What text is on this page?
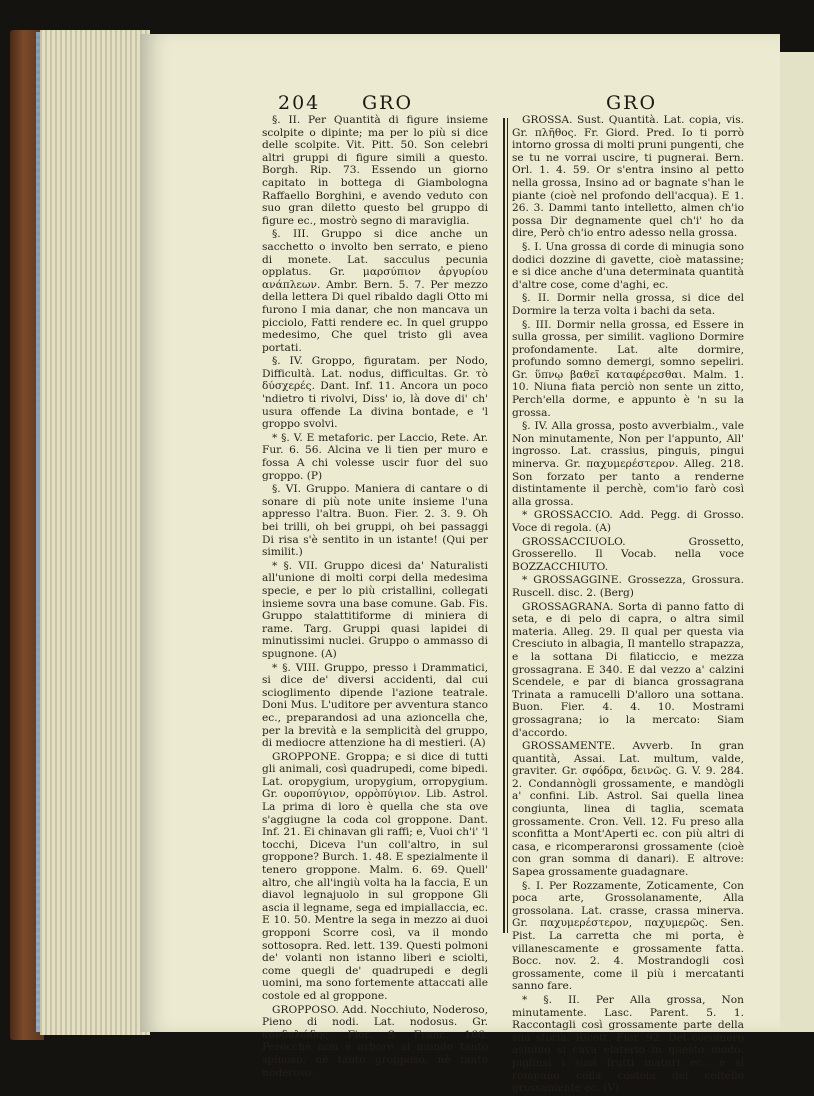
204 GRO	GRO

§. II. Per Quantità di figure insieme scolpite o dipinte; ma per lo più si dice delle scolpite. Vit. Pitt. 50. Son celebri altri gruppi di figure simili a questo. Borgh. Rip. 73. Essendo un giorno capitato in bottega di Giambologna Raffaello Borghini, e avendo veduto con suo gran diletto questo bel gruppo di figure ec., mostrò segno di maraviglia.

§. III. Gruppo si dice anche un sacchetto o involto ben serrato, e pieno di monete. Lat. sacculus pecunia opplatus. Gr. μαρσύπιον ἀργυρίου ανάπλεων. Ambr. Bern. 5. 7. Per mezzo della lettera Di quel ribaldo dagli Otto mi furono I mia danar, che non mancava un picciolo, Fatti rendere ec. In quel gruppo medesimo, Che quel tristo gli avea portati.

§. IV. Groppo, figuratam. per Nodo, Difficultà. Lat. nodus, difficultas. Gr. τὸ δύσχερές. Dant. Inf. 11. Ancora un poco 'ndietro ti rivolvi, Diss' io, là dove di' ch' usura offende La divina bontade, e 'l groppo svolvi.

* §. V. E metaforic. per Laccio, Rete. Ar. Fur. 6. 56. Alcina ve li tien per muro e fossa A chi volesse uscir fuor del suo groppo. (P)

§. VI. Gruppo. Maniera di cantare o di sonare di più note unite insieme l'una appresso l'altra. Buon. Fier. 2. 3. 9. Oh bei trilli, oh bei gruppi, oh bei passaggi Di risa s'è sentito in un istante! (Qui per similit.)

* §. VII. Gruppo dicesi da' Naturalisti all'unione di molti corpi della medesima specie, e per lo più cristallini, collegati insieme sovra una base comune. Gab. Fis. Gruppo stalattitiforme di miniera di rame. Targ. Gruppi quasi lapidei di minutissimi nuclei. Gruppo o ammasso di spugnone. (A)

* §. VIII. Gruppo, presso i Drammatici, si dice de' diversi accidenti, dal cui scioglimento dipende l'azione teatrale. Doni Mus. L'uditore per avventura stanco ec., preparandosi ad una azioncella che, per la brevità e la semplicità del gruppo, di mediocre attenzione ha di mestieri. (A)

GROPPONE. Groppa; e si dice di tutti gli animali, così quadrupedi, come bipedi. Lat. oropygium, uropygium, orropygium. Gr. ουροπύγιον, ορρὸπύγιον. Lib. Astrol. La prima di loro è quella che sta ove s'aggiugne la coda col groppone. Dant. Inf. 21. Ei chinavan gli raffi; e, Vuoi ch'i' 'l tocchi, Diceva l'un coll'altro, in sul groppone? Burch. 1. 48. E spezialmente il tenero groppone. Malm. 6. 69. Quell' altro, che all'ingiù volta ha la faccia, E un diavol legnajuolo in sul groppone Gli ascia il legname, sega ed impiallaccia, ec. E 10. 50. Mentre la sega in mezzo ai duoi gropponi Scorre così, va il mondo sottosopra. Red. lett. 139. Questi polmoni de' volanti non istanno liberi e sciolti, come quegli de' quadrupedi e degli uomini, ma sono fortemente attaccati alle costole ed al groppone.

GROPPOSO. Add. Nocchiuto, Noderoso, Pieno di nodi. Lat. nodosus. Gr. κονδυλώδης. Fior. S. Franc. 166. Perocchè non è arbore al mondo tanto spinoso, nè tanto gropposo, nè tanto noderoso.

GROSSA. Sust. Quantità. Lat. copia, vis. Gr. πλῆθος. Fr. Giord. Pred. Io ti porrò intorno grossa di molti pruni pungenti, che se tu ne vorrai uscire, ti pugnerai. Bern. Orl. 1. 4. 59. Or s'entra insino al petto nella grossa, Insino ad or bagnate s'han le piante (cioè nel profondo dell'acqua). E 1. 26. 3. Dammi tanto intelletto, almen ch'io possa Dir degnamente quel ch'i' ho da dire, Però ch'io entro adesso nella grossa.

§. I. Una grossa di corde di minugia sono dodici dozzine di gavette, cioè matassine; e si dice anche d'una determinata quantità d'altre cose, come d'aghi, ec.

§. II. Dormir nella grossa, si dice del Dormire la terza volta i bachi da seta.

§. III. Dormir nella grossa, ed Essere in sulla grossa, per similit. vagliono Dormire profondamente. Lat. alte dormire, profundo somno demergi, somno sepeliri. Gr. ὕπνῳ βαθεῖ καταφέρεσθαι. Malm. 1. 10. Niuna fiata perciò non sente un zitto, Perch'ella dorme, e appunto è 'n su la grossa.

§. IV. Alla grossa, posto avverbialm., vale Non minutamente, Non per l'appunto, All' ingrosso. Lat. crassius, pinguis, pingui minerva. Gr. παχυμερέστερον. Alleg. 218. Son forzato per tanto a renderne distintamente il perchè, com'io farò così alla grossa.

* GROSSACCIO. Add. Pegg. di Grosso. Voce di regola. (A)

GROSSACCIUOLO. Grossetto, Grosserello. Il Vocab. nella voce BOZZACCHIUTO.

* GROSSAGGINE. Grossezza, Grossura. Ruscell. disc. 2. (Berg)

GROSSAGRANA. Sorta di panno fatto di seta, e di pelo di capra, o altra simil materia. Alleg. 29. Il qual per questa via Cresciuto in albagia, Il mantello strapazza, e la sottana Di filaticcio, e mezza grossagrana. E 340. E dal vezzo a' calzini Scendele, e par di bianca grossagrana Trinata a ramucelli D'alloro una sottana. Buon. Fier. 4. 4. 10. Mostrami grossagrana; io la mercato: Siam d'accordo.

GROSSAMENTE. Avverb. In gran quantità, Assai. Lat. multum, valde, graviter. Gr. σφόδρα, δεινῶς. G. V. 9. 284. 2. Condannògli grossamente, e mandògli a' confini. Lib. Astrol. Sai quella linea congiunta, linea di taglia, scemata grossamente. Cron. Vell. 12. Fu preso alla sconfitta a Mont'Aperti ec. con più altri di casa, e ricomperaronsi grossamente (cioè con gran somma di danari). E altrove: Sapea grossamente guadagnare.

§. I. Per Rozzamente, Zoticamente, Con poca arte, Grossolanamente, Alla grossolana. Lat. crasse, crassa minerva. Gr. παχυμερέστερον, παχυμερῶς. Sen. Pist. La carretta che mi porta, è villanescamente e grossamente fatta. Bocc. nov. 2. 4. Mostrandogli così grossamente, come il più i mercatanti sanno fare.

* §. II. Per Alla grossa, Non minutamente. Lasc. Parent. 5. 1. Raccontagli così grossamente parte della sua storia. Ricett. Fior. 92. Del cocomero asinino si cava elaterio in questo modo: piglinsi i suoi frutti maturi ec., e si rompano colla costola del coltello grossamente ec. (V)
